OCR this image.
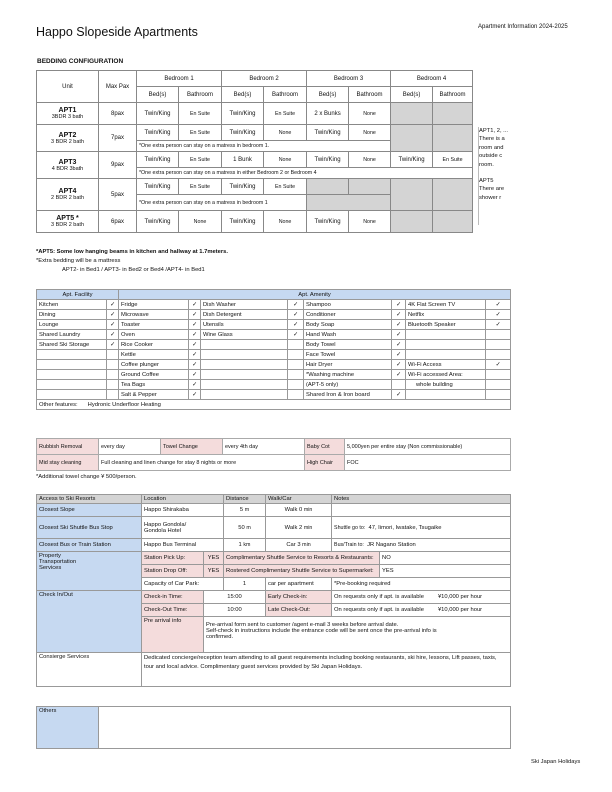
Happo Slopeside Apartments	Apartment Information 2024-2025
BEDDING CONFIGURATION
Unit	Max Pax	Bedroom 1		Bedroom 2		Bedroom 3		Bedroom 4	
		Bed(s)	Bathroom	Bed(s)	Bathroom	Bed(s)	Bathroom	Bed(s)	Bathroom

APT1
3BDR 3 bath	8pax	Twin/King	En Suite	Twin/King	En Suite	2 x Bunks	None		

APT2
3 BDR 2 bath	7pax	Twin/King	En Suite	Twin/King	None	Twin/King	None		
		*One extra person can stay on a matress in bedroom 1.							

APT3
4 BDR 3bath	9pax	Twin/King	En Suite	1 Bunk	None	Twin/King	None	Twin/King	En Suite
		*One extra person can stay on a matress in either Bedroom 2 or Bedroom 4							

APT4
2 BDR 2 bath	5pax	Twin/King	En Suite	Twin/King	En Suite				
		*One extra person can stay on a matress in bedroom 1							

APT5 *
3 BDR 2 bath	6pax	Twin/King	None	Twin/King	None	Twin/King	None		
APT1, 2, ...
There is a
room and
outside c
room.
APT5
There are
shower r
*APT5: Some low hanging beams in kitchen and hallway at 1.7meters.
*Extra bedding will be a mattress
APT2- in Bed1 / APT3- in Bed2 or Bed4 /APT4- in Bed1
Apt. Facility		Apt. Amenity							
Kitchen	✓	Fridge	✓	Dish Washer	✓	Shampoo	✓	4K Flat Screen TV	✓
Dining	✓	Microwave	✓	Dish Detergent	✓	Conditioner	✓	Netflix	✓
Lounge	✓	Toaster	✓	Utensils	✓	Body Soap	✓	Bluetooth Speaker	✓
Shared Laundry	✓	Oven	✓	Wine Glass	✓	Hand Wash	✓		
Shared Ski Storage	✓	Rice Cooker	✓			Body Towel	✓		
		Kettle	✓			Face Towel	✓		
		Coffee plunger	✓			Hair Dryer	✓	Wi-Fi Access	✓
		Ground Coffee	✓			*Washing machine	✓	Wi-Fi accessed Area:	
		Tea Bags	✓			(APT-5 only)		whole building	
		Salt & Pepper	✓			Shared Iron & Iron board	✓		
Other features: Hydronic Underfloor Heating									
Rubbish Removal	every day	Towel Change	every 4th day	Baby Cot	5,000yen per entire stay (Non commissionable)
Mid stay cleaning	Full cleaning and linen change for stay 8 nights or more			High Chair	FOC
*Additional towel change ¥ 500/person.
Access to Ski Resorts	Location		Distance	Walk/Car	Notes	
Closest Slope	Happo Shirakaba		5 m	Walk 0 min		
Closest Ski Shuttle Bus Stop	Happo Gondola/
Gondola Hotel		50 m	Walk 2 min	Shuttle go to: 47, Iimori, Iwatake, Tsugaike	
Closest Bus or Train Station	Happo Bus Terminal		1 km	Car 3 min	Bus/Train to: JR Nagano Station	

Property
Transportation
Services	Station Pick Up:	YES	Complimentary Shuttle Service to Resorts & Restaurants:			NO
	Station Drop Off:	YES	Rostered Complimentary Shuttle Service to Supermarket:			YES
	Capacity of Car Park:		1	car per apartment	*Pre-booking required	
Check In/Out	Check-in Time:	15:00		Early Check-in:	On requests only if apt. is available ¥10,000 per hour	
	Check-Out Time:	10:00		Late Check-Out:	On requests only if apt. is available ¥10,000 per hour	
	Pre arrival info	Pre-arrival form sent to customer /agent e-mail 3 weeks before arrival date.
Self-check in instructions include the entrance code will be sent once the pre-arrival info is
confirmed.				

Consierge Services	Dedicated concierge/reception team attending to all guest requirements including booking restaurants, ski hire, lessons, Lift passes, taxis, tour and local advice. Complimentary guest services provided by Ski Japan Holidays.					
Others	
Ski Japan Holidays
